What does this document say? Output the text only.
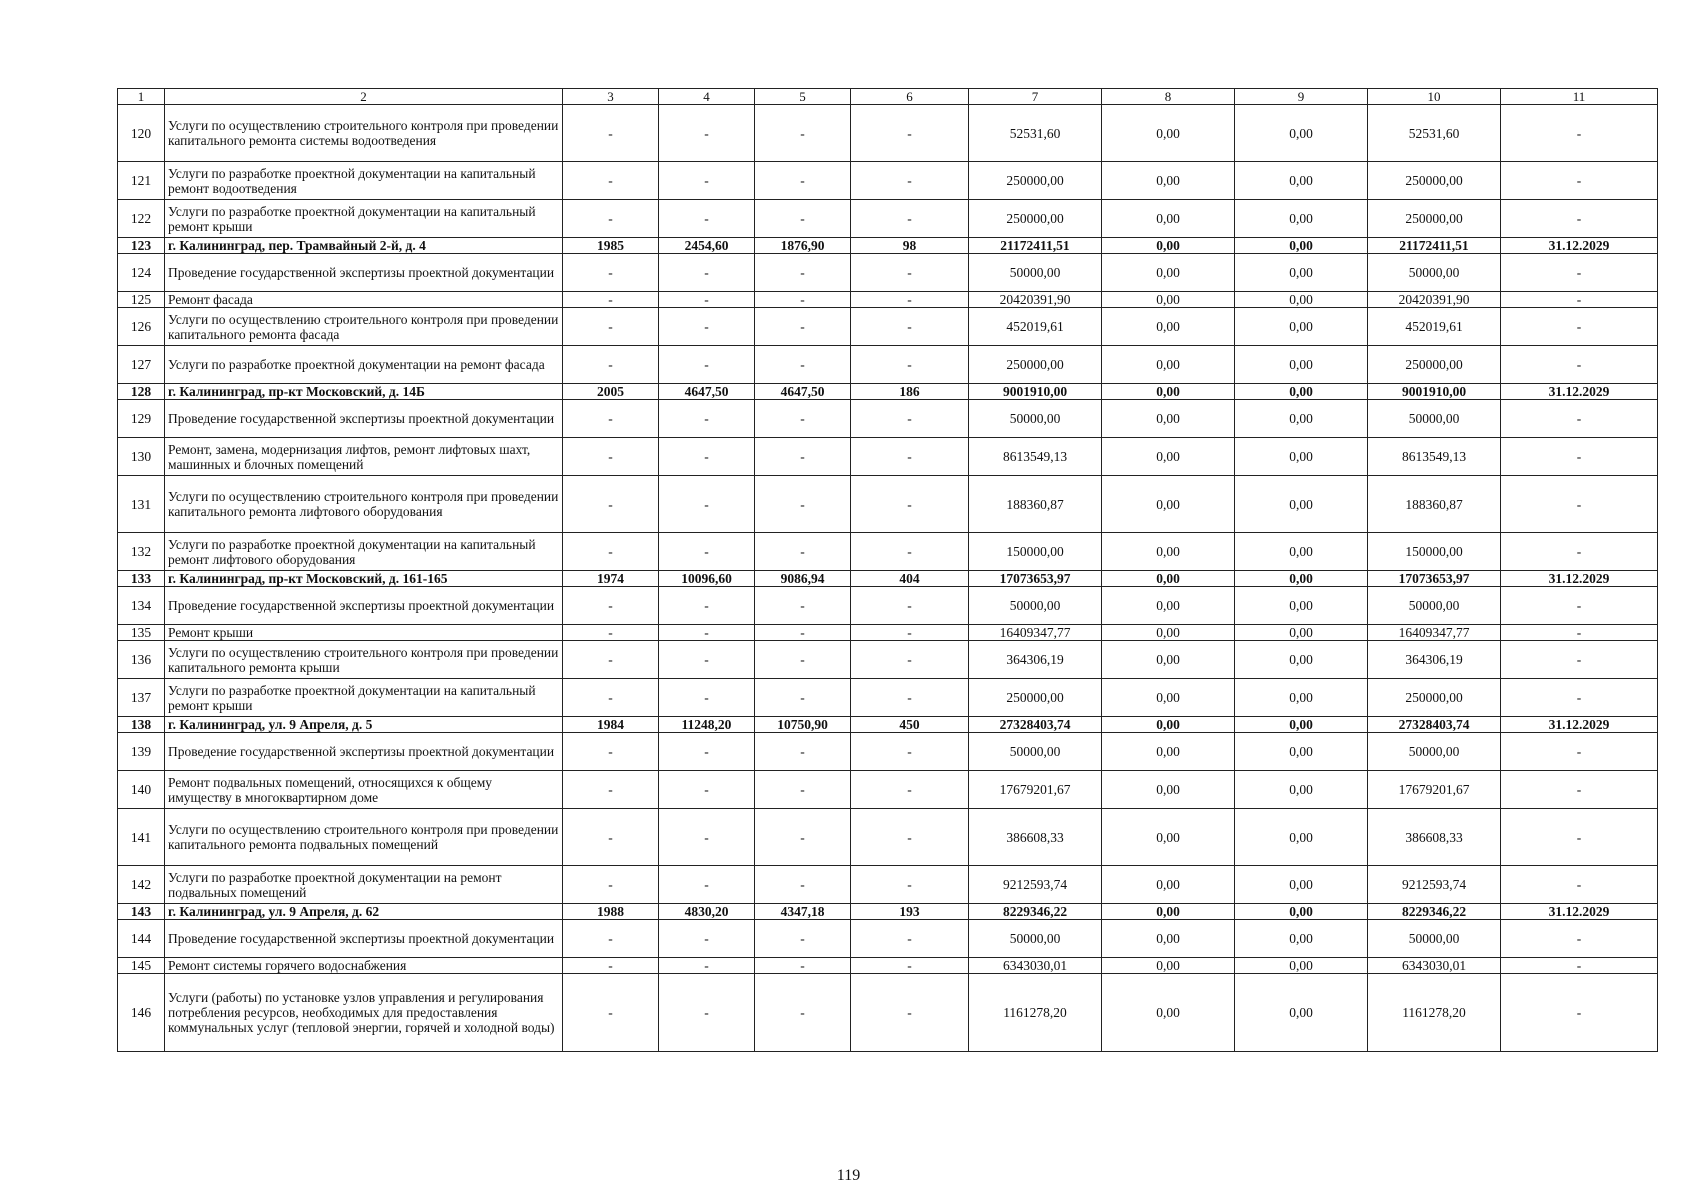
1	2	3	4	5	6	7	8	9	10	11
120	Услуги по осуществлению строительного контроля при проведении капитального ремонта системы водоотведения	-	-	-	-	52531,60	0,00	0,00	52531,60	-
121	Услуги по разработке проектной документации на капитальный ремонт водоотведения	-	-	-	-	250000,00	0,00	0,00	250000,00	-
122	Услуги по разработке проектной документации на капитальный ремонт крыши	-	-	-	-	250000,00	0,00	0,00	250000,00	-
123	г. Калининград, пер. Трамвайный 2-й, д. 4	1985	2454,60	1876,90	98	21172411,51	0,00	0,00	21172411,51	31.12.2029
124	Проведение государственной экспертизы проектной документации	-	-	-	-	50000,00	0,00	0,00	50000,00	-
125	Ремонт фасада	-	-	-	-	20420391,90	0,00	0,00	20420391,90	-
126	Услуги по осуществлению строительного контроля при проведении капитального ремонта фасада	-	-	-	-	452019,61	0,00	0,00	452019,61	-
127	Услуги по разработке проектной документации на ремонт фасада	-	-	-	-	250000,00	0,00	0,00	250000,00	-
128	г. Калининград, пр-кт Московский, д. 14Б	2005	4647,50	4647,50	186	9001910,00	0,00	0,00	9001910,00	31.12.2029
129	Проведение государственной экспертизы проектной документации	-	-	-	-	50000,00	0,00	0,00	50000,00	-
130	Ремонт, замена, модернизация лифтов, ремонт лифтовых шахт, машинных и блочных помещений	-	-	-	-	8613549,13	0,00	0,00	8613549,13	-
131	Услуги по осуществлению строительного контроля при проведении капитального ремонта лифтового оборудования	-	-	-	-	188360,87	0,00	0,00	188360,87	-
132	Услуги по разработке проектной документации на капитальный ремонт лифтового оборудования	-	-	-	-	150000,00	0,00	0,00	150000,00	-
133	г. Калининград, пр-кт Московский, д. 161-165	1974	10096,60	9086,94	404	17073653,97	0,00	0,00	17073653,97	31.12.2029
134	Проведение государственной экспертизы проектной документации	-	-	-	-	50000,00	0,00	0,00	50000,00	-
135	Ремонт крыши	-	-	-	-	16409347,77	0,00	0,00	16409347,77	-
136	Услуги по осуществлению строительного контроля при проведении капитального ремонта крыши	-	-	-	-	364306,19	0,00	0,00	364306,19	-
137	Услуги по разработке проектной документации на капитальный ремонт крыши	-	-	-	-	250000,00	0,00	0,00	250000,00	-
138	г. Калининград, ул. 9 Апреля, д. 5	1984	11248,20	10750,90	450	27328403,74	0,00	0,00	27328403,74	31.12.2029
139	Проведение государственной экспертизы проектной документации	-	-	-	-	50000,00	0,00	0,00	50000,00	-
140	Ремонт подвальных помещений, относящихся к общему имуществу в многоквартирном доме	-	-	-	-	17679201,67	0,00	0,00	17679201,67	-
141	Услуги по осуществлению строительного контроля при проведении капитального ремонта подвальных помещений	-	-	-	-	386608,33	0,00	0,00	386608,33	-
142	Услуги по разработке проектной документации на ремонт подвальных помещений	-	-	-	-	9212593,74	0,00	0,00	9212593,74	-
143	г. Калининград, ул. 9 Апреля, д. 62	1988	4830,20	4347,18	193	8229346,22	0,00	0,00	8229346,22	31.12.2029
144	Проведение государственной экспертизы проектной документации	-	-	-	-	50000,00	0,00	0,00	50000,00	-
145	Ремонт системы горячего водоснабжения	-	-	-	-	6343030,01	0,00	0,00	6343030,01	-
146	Услуги (работы) по установке узлов управления и регулирования потребления ресурсов, необходимых для предоставления коммунальных услуг (тепловой энергии, горячей и холодной воды)	-	-	-	-	1161278,20	0,00	0,00	1161278,20	-
119
